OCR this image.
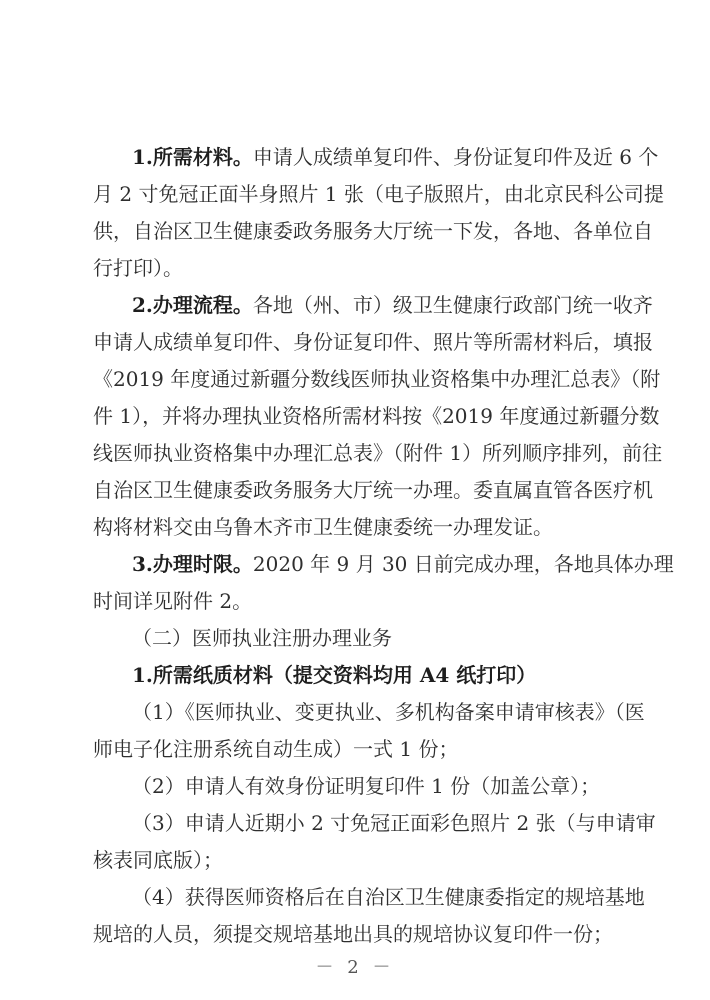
1.所需材料。申请人成绩单复印件、身份证复印件及近 6 个
月 2 寸免冠正面半身照片 1 张（电子版照片，由北京民科公司提
供，自治区卫生健康委政务服务大厅统一下发，各地、各单位自
行打印）。
2.办理流程。各地（州、市）级卫生健康行政部门统一收齐
申请人成绩单复印件、身份证复印件、照片等所需材料后，填报
《2019 年度通过新疆分数线医师执业资格集中办理汇总表》（附
件 1），并将办理执业资格所需材料按《2019 年度通过新疆分数
线医师执业资格集中办理汇总表》（附件 1）所列顺序排列，前往
自治区卫生健康委政务服务大厅统一办理。委直属直管各医疗机
构将材料交由乌鲁木齐市卫生健康委统一办理发证。
3.办理时限。2020 年 9 月 30 日前完成办理，各地具体办理
时间详见附件 2。
（二）医师执业注册办理业务
1.所需纸质材料（提交资料均用 A4 纸打印）
（1）《医师执业、变更执业、多机构备案申请审核表》（医
师电子化注册系统自动生成）一式 1 份；
（2）申请人有效身份证明复印件 1 份（加盖公章）；
（3）申请人近期小 2 寸免冠正面彩色照片 2 张（与申请审
核表同底版）；
（4）获得医师资格后在自治区卫生健康委指定的规培基地
规培的人员，须提交规培基地出具的规培协议复印件一份；
－ 2 －
